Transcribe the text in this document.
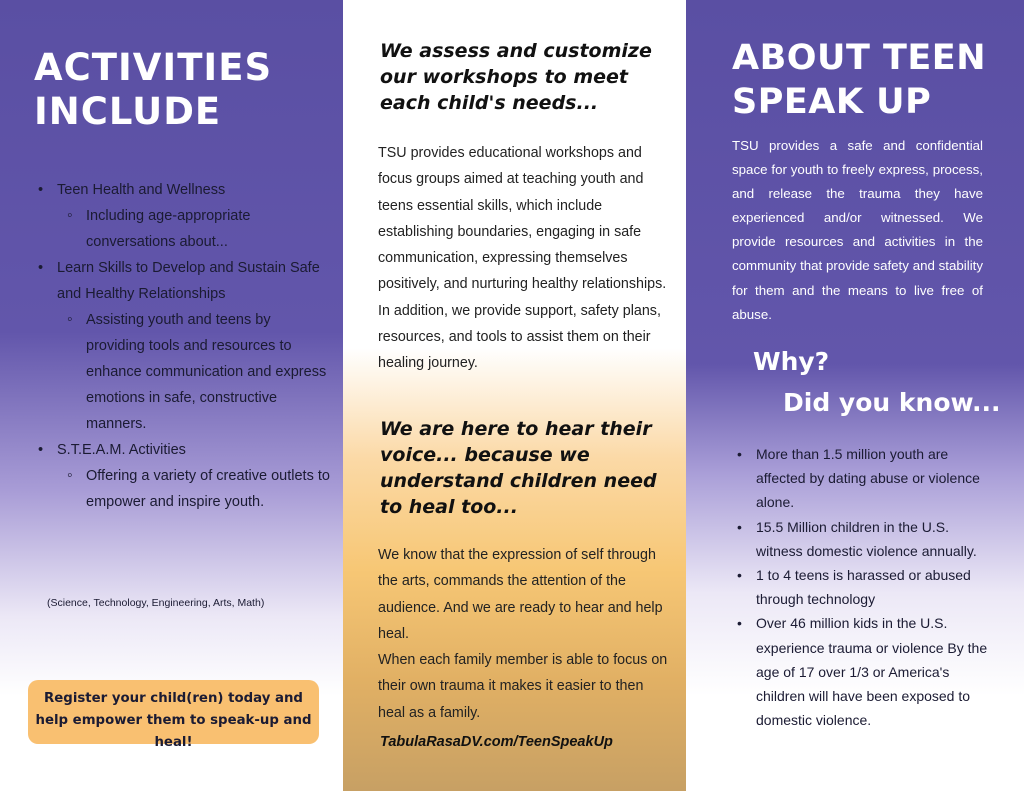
ACTIVITIES INCLUDE
• Teen Health and Wellness
◦ Including age-appropriate conversations about...
• Learn Skills to Develop and Sustain Safe and Healthy Relationships
◦ Assisting youth and teens by providing tools and resources to enhance communication and express emotions in safe, constructive manners.
• S.T.E.A.M. Activities
◦ Offering a variety of creative outlets to empower and inspire youth.
(Science, Technology, Engineering, Arts, Math)
Register your child(ren) today and help empower them to speak-up and heal!
We assess and customize our workshops to meet each child's needs...

TSU provides educational workshops and focus groups aimed at teaching youth and teens essential skills, which include establishing boundaries, engaging in safe communication, expressing themselves positively, and nurturing healthy relationships. In addition, we provide support, safety plans, resources, and tools to assist them on their healing journey.

We are here to hear their voice... because we understand children need to heal too...
We know that the expression of self through the arts, commands the attention of the audience. And we are ready to hear and help heal.
When each family member is able to focus on their own trauma it makes it easier to then heal as a family.
TabulaRasaDV.com/TeenSpeakUp
ABOUT TEEN SPEAK UP

TSU provides a safe and confidential space for youth to freely express, process, and release the trauma they have experienced and/or witnessed. We provide resources and activities in the community that provide safety and stability for them and the means to live free of abuse.

Why?
Did you know...
• More than 1.5 million youth are affected by dating abuse or violence alone.
• 15.5 Million children in the U.S. witness domestic violence annually.
• 1 to 4 teens is harassed or abused through technology
• Over 46 million kids in the U.S. experience trauma or violence By the age of 17 over 1/3 or America's children will have been exposed to domestic violence.
